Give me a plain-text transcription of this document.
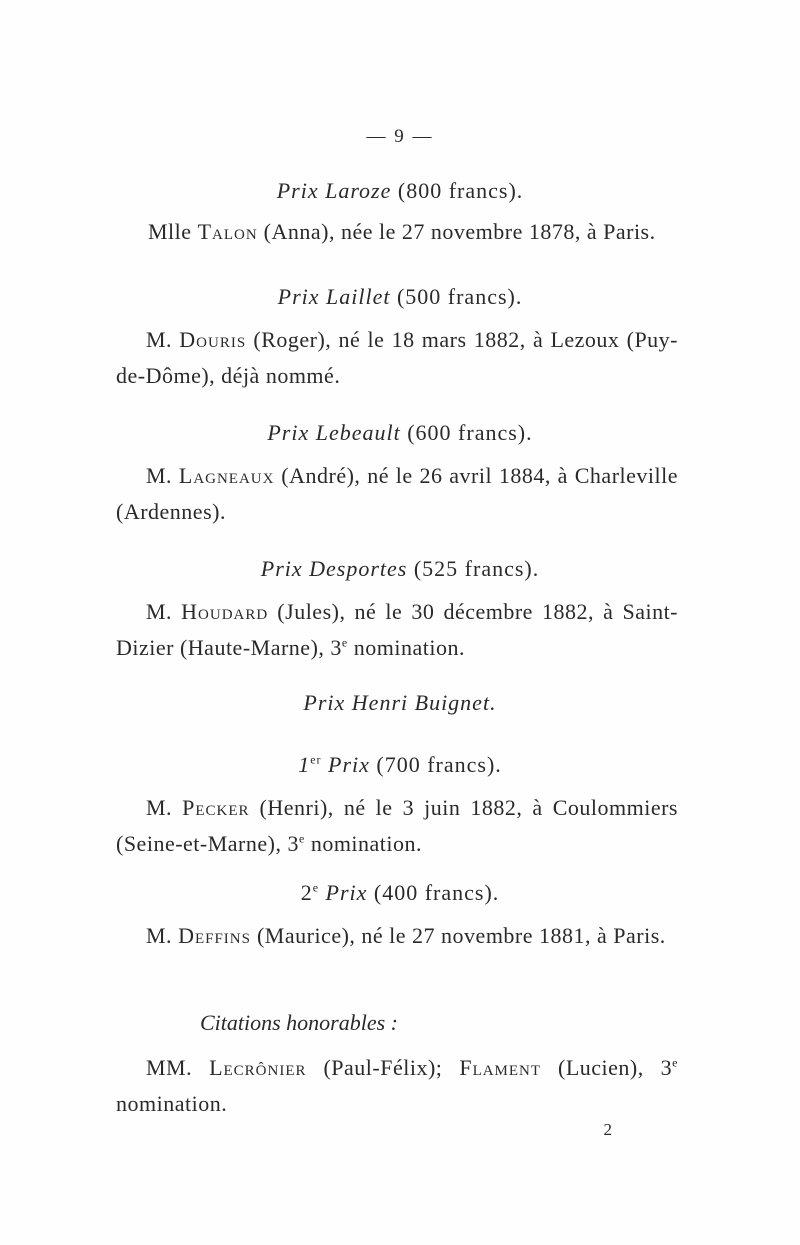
— 9 —
Prix Laroze (800 francs).
Mlle Talon (Anna), née le 27 novembre 1878, à Paris.
Prix Laillet (500 francs).
M. Douris (Roger), né le 18 mars 1882, à Lezoux (Puy-de-Dôme), déjà nommé.
Prix Lebeault (600 francs).
M. Lagneaux (André), né le 26 avril 1884, à Charleville (Ardennes).
Prix Desportes (525 francs).
M. Houdard (Jules), né le 30 décembre 1882, à Saint-Dizier (Haute-Marne), 3e nomination.
Prix Henri Buignet.
1er Prix (700 francs).
M. Pecker (Henri), né le 3 juin 1882, à Coulommiers (Seine-et-Marne), 3e nomination.
2e Prix (400 francs).
M. Deffins (Maurice), né le 27 novembre 1881, à Paris.
Citations honorables :
MM. Lecrônier (Paul-Félix); Flament (Lucien), 3e nomination.
2
